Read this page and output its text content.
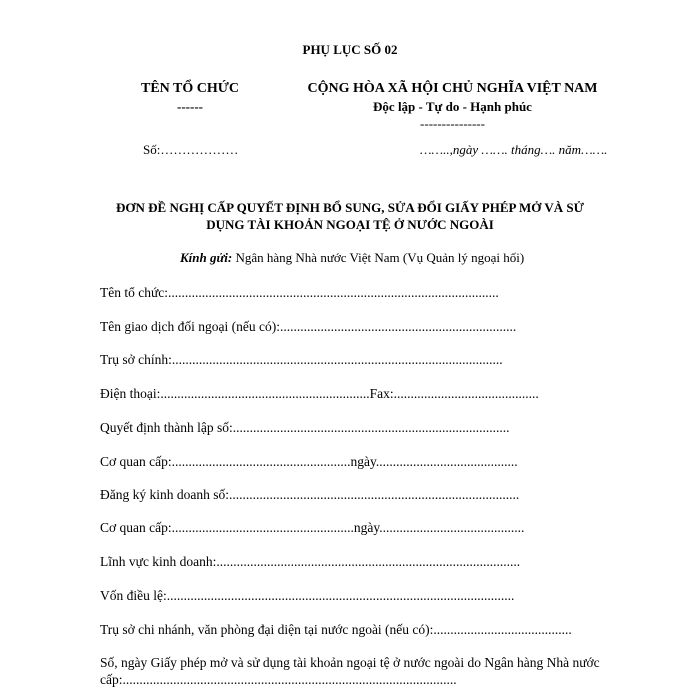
PHỤ LỤC SỐ 02
TÊN TỔ CHỨC
------
CỘNG HÒA XÃ HỘI CHỦ NGHĨA VIỆT NAM
Độc lập - Tự do - Hạnh phúc
---------------
Số:………………	……..,ngày ……. tháng…. năm…….
ĐƠN ĐỀ NGHỊ CẤP QUYẾT ĐỊNH BỔ SUNG, SỬA ĐỔI GIẤY PHÉP MỞ VÀ SỬ
DỤNG TÀI KHOẢN NGOẠI TỆ Ở NƯỚC NGOÀI
Kính gửi: Ngân hàng Nhà nước Việt Nam (Vụ Quản lý ngoại hối)
Tên tổ chức:..................................................................................................
Tên giao dịch đối ngoại (nếu có):......................................................................
Trụ sở chính:..................................................................................................
Điện thoại:..............................................................Fax:...........................................
Quyết định thành lập số:..................................................................................
Cơ quan cấp:.....................................................ngày..........................................
Đăng ký kinh doanh số:......................................................................................
Cơ quan cấp:......................................................ngày...........................................
Lĩnh vực kinh doanh:..........................................................................................
Vốn điều lệ:.......................................................................................................
Trụ sở chi nhánh, văn phòng đại diện tại nước ngoài (nếu có):.........................................
Số, ngày Giấy phép mở và sử dụng tài khoản ngoại tệ ở nước ngoài do Ngân hàng Nhà nước
cấp:...................................................................................................
